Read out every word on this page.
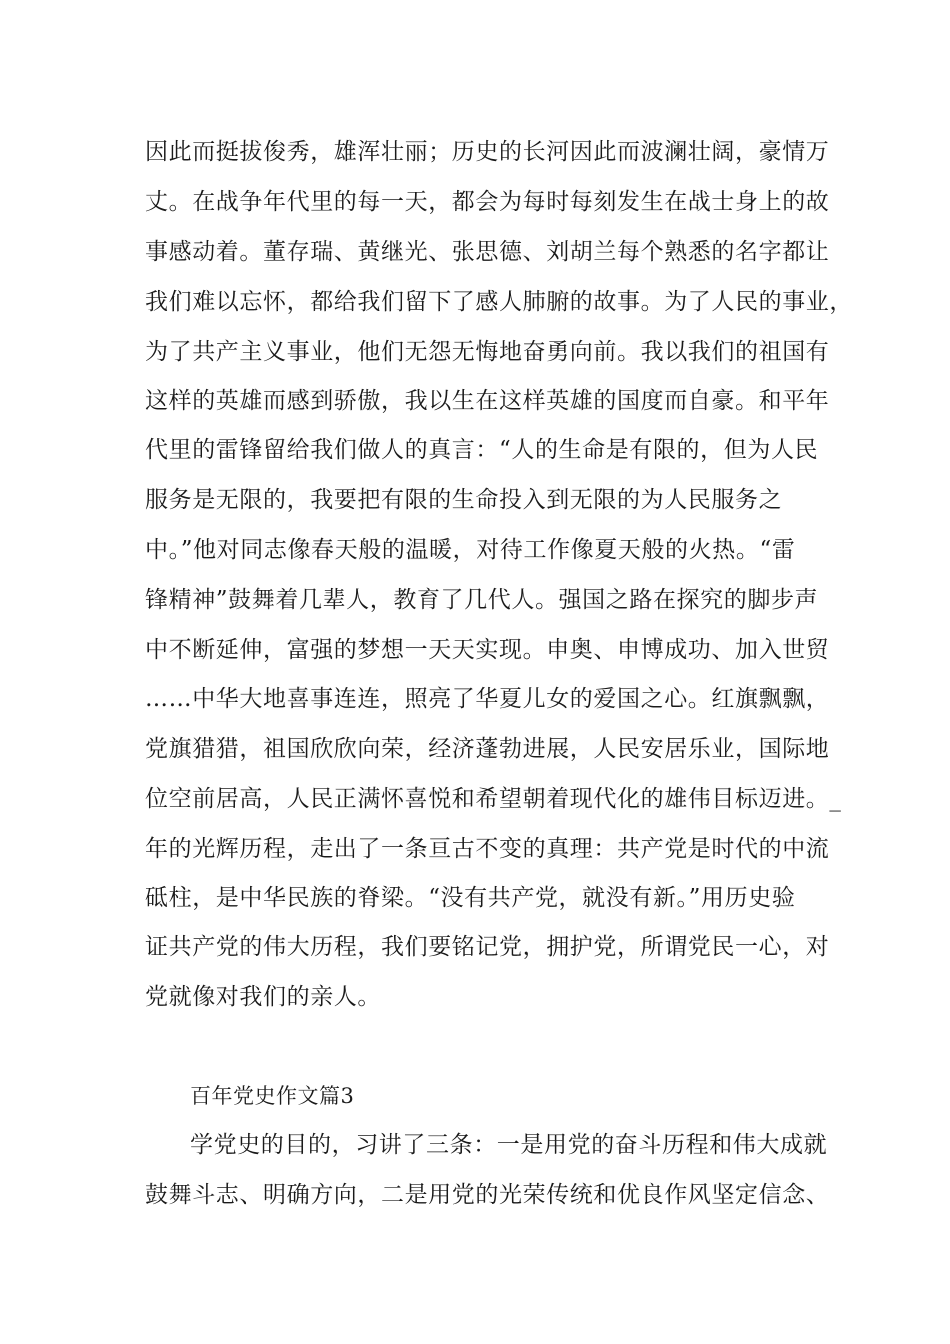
因此而挺拔俊秀，雄浑壮丽；历史的长河因此而波澜壮阔，豪情万
丈。在战争年代里的每一天，都会为每时每刻发生在战士身上的故
事感动着。董存瑞、黄继光、张思德、刘胡兰每个熟悉的名字都让
我们难以忘怀，都给我们留下了感人肺腑的故事。为了人民的事业，
为了共产主义事业，他们无怨无悔地奋勇向前。我以我们的祖国有
这样的英雄而感到骄傲，我以生在这样英雄的国度而自豪。和平年
代里的雷锋留给我们做人的真言：“人的生命是有限的，但为人民
服务是无限的，我要把有限的生命投入到无限的为人民服务之
中。”他对同志像春天般的温暖，对待工作像夏天般的火热。“雷
锋精神”鼓舞着几辈人，教育了几代人。强国之路在探究的脚步声
中不断延伸，富强的梦想一天天实现。申奥、申博成功、加入世贸
……中华大地喜事连连，照亮了华夏儿女的爱国之心。红旗飘飘，
党旗猎猎，祖国欣欣向荣，经济蓬勃进展，人民安居乐业，国际地
位空前居高，人民正满怀喜悦和希望朝着现代化的雄伟目标迈进。_
年的光辉历程，走出了一条亘古不变的真理：共产党是时代的中流
砥柱，是中华民族的脊梁。“没有共产党，就没有新。”用历史验
证共产党的伟大历程，我们要铭记党，拥护党，所谓党民一心，对
党就像对我们的亲人。
百年党史作文篇3
学党史的目的，习讲了三条：一是用党的奋斗历程和伟大成就
鼓舞斗志、明确方向，二是用党的光荣传统和优良作风坚定信念、
